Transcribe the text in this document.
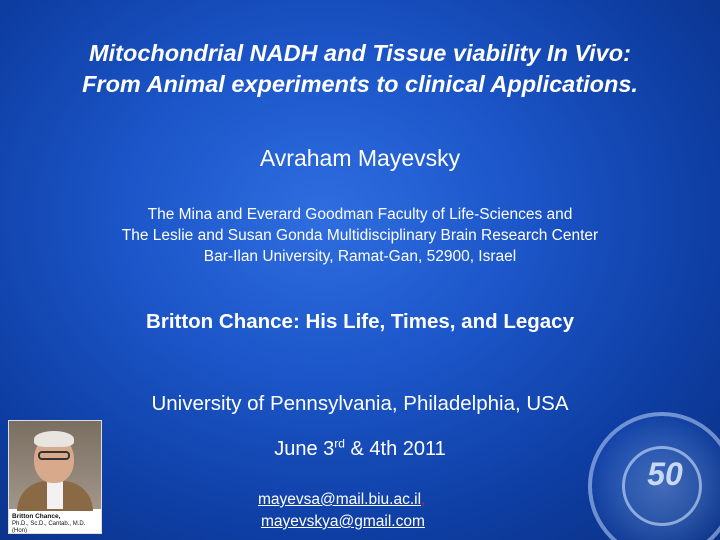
Mitochondrial NADH and Tissue viability In Vivo:
From Animal experiments to clinical Applications.
Avraham Mayevsky
The Mina and Everard Goodman Faculty of Life-Sciences and
The Leslie and Susan Gonda Multidisciplinary Brain Research Center
Bar-Ilan University, Ramat-Gan, 52900, Israel
Britton Chance: His Life, Times, and Legacy
University of Pennsylvania, Philadelphia, USA
June 3rd & 4th 2011
mayevsa@mail.biu.ac.il,
mayevskya@gmail.com
Britton Chance,
Ph.D., Sc.D., Cantab., M.D. (Hon)
50
